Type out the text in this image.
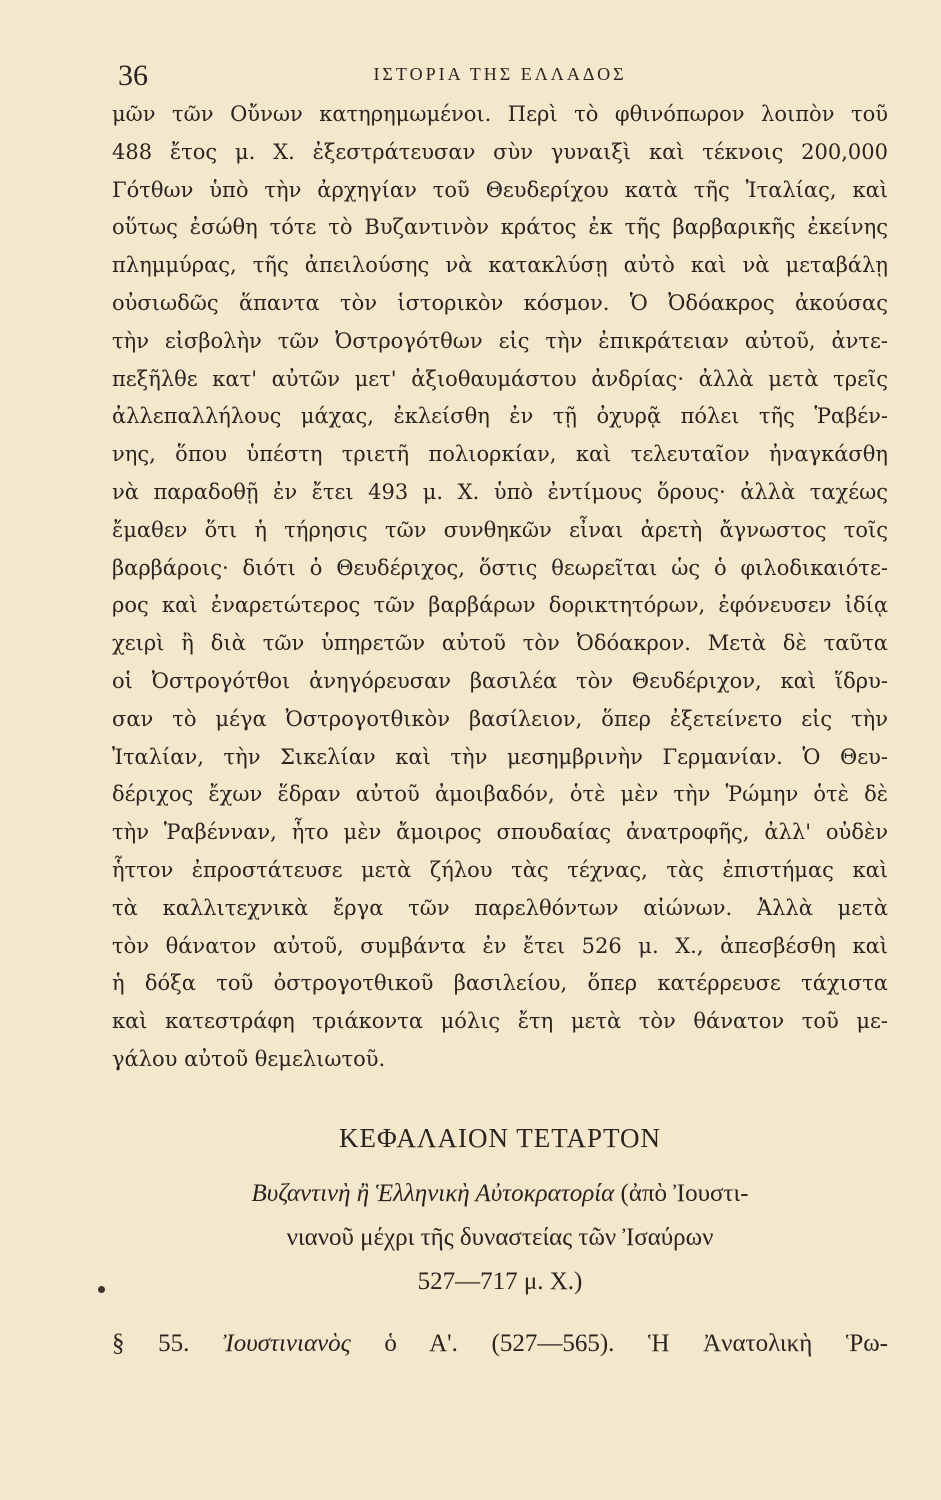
36	ΙΣΤΟΡΙΑ ΤΗΣ ΕΛΛΑΔΟΣ
μῶν τῶν Οὔνων κατηρημωμένοι. Περὶ τὸ φθινόπωρον λοιπὸν τοῦ
488 ἔτος μ. Χ. ἐξεστράτευσαν σὺν γυναιξὶ καὶ τέκνοις 200,000
Γότθων ὑπὸ τὴν ἀρχηγίαν τοῦ Θευδερίχου κατὰ τῆς Ἰταλίας, καὶ
οὕτως ἐσώθη τότε τὸ Βυζαντινὸν κράτος ἐκ τῆς βαρβαρικῆς ἐκείνης
πλημμύρας, τῆς ἀπειλούσης νὰ κατακλύσῃ αὐτὸ καὶ νὰ μεταβάλῃ
οὐσιωδῶς ἅπαντα τὸν ἱστορικὸν κόσμον. Ὁ Ὀδόακρος ἀκούσας
τὴν εἰσβολὴν τῶν Ὀστρογότθων εἰς τὴν ἐπικράτειαν αὐτοῦ, ἀντε-
πεξῆλθε κατ' αὐτῶν μετ' ἀξιοθαυμάστου ἀνδρίας· ἀλλὰ μετὰ τρεῖς
ἀλλεπαλλήλους μάχας, ἐκλείσθη ἐν τῇ ὀχυρᾷ πόλει τῆς Ῥαβέν-
νης, ὅπου ὑπέστη τριετῆ πολιορκίαν, καὶ τελευταῖον ἠναγκάσθη
νὰ παραδοθῇ ἐν ἔτει 493 μ. Χ. ὑπὸ ἐντίμους ὅρους· ἀλλὰ ταχέως
ἔμαθεν ὅτι ἡ τήρησις τῶν συνθηκῶν εἶναι ἀρετὴ ἄγνωστος τοῖς
βαρβάροις· διότι ὁ Θευδέριχος, ὅστις θεωρεῖται ὡς ὁ φιλοδικαιότε-
ρος καὶ ἐναρετώτερος τῶν βαρβάρων δορικτητόρων, ἐφόνευσεν ἰδίᾳ
χειρὶ ἢ διὰ τῶν ὑπηρετῶν αὐτοῦ τὸν Ὀδόακρον. Μετὰ δὲ ταῦτα
οἱ Ὀστρογότθοι ἀνηγόρευσαν βασιλέα τὸν Θευδέριχον, καὶ ἵδρυ-
σαν τὸ μέγα Ὀστρογοτθικὸν βασίλειον, ὅπερ ἐξετείνετο εἰς τὴν
Ἰταλίαν, τὴν Σικελίαν καὶ τὴν μεσημβρινὴν Γερμανίαν. Ὁ Θευ-
δέριχος ἔχων ἕδραν αὐτοῦ ἀμοιβαδόν, ὁτὲ μὲν τὴν Ῥώμην ὁτὲ δὲ
τὴν Ῥαβένναν, ἦτο μὲν ἄμοιρος σπουδαίας ἀνατροφῆς, ἀλλ' οὐδὲν
ἧττον ἐπροστάτευσε μετὰ ζήλου τὰς τέχνας, τὰς ἐπιστήμας καὶ
τὰ καλλιτεχνικὰ ἔργα τῶν παρελθόντων αἰώνων. Ἀλλὰ μετὰ
τὸν θάνατον αὐτοῦ, συμβάντα ἐν ἔτει 526 μ. Χ., ἀπεσβέσθη καὶ
ἡ δόξα τοῦ ὀστρογοτθικοῦ βασιλείου, ὅπερ κατέρρευσε τάχιστα
καὶ κατεστράφη τριάκοντα μόλις ἔτη μετὰ τὸν θάνατον τοῦ με-
γάλου αὐτοῦ θεμελιωτοῦ.
ΚΕΦΑΛΑΙΟΝ ΤΕΤΑΡΤΟΝ
Βυζαντινὴ ἢ Ἑλληνικὴ Αὐτοκρατορία (ἀπὸ Ἰουστι-
νιανοῦ μέχρι τῆς δυναστείας τῶν Ἰσαύρων
527—717 μ. Χ.)
§ 55. Ἰουστινιανὸς ὁ Α'. (527—565). Ἡ Ἀνατολικὴ Ῥω-
